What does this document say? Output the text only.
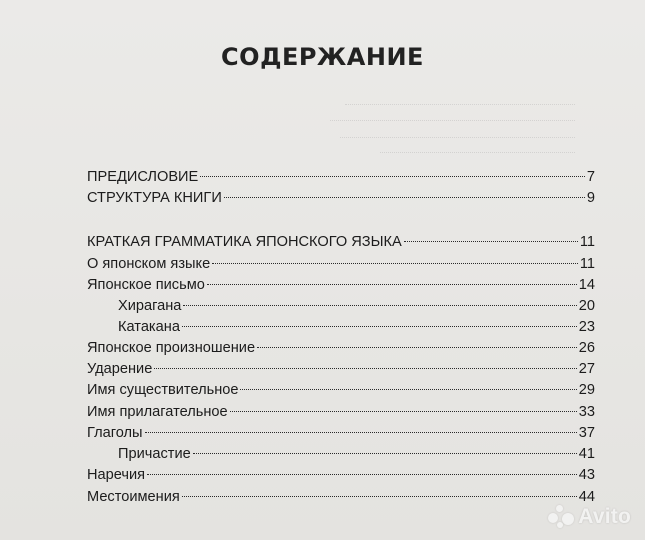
СОДЕРЖАНИЕ
ПРЕДИСЛОВИЕ	7
СТРУКТУРА КНИГИ	9
КРАТКАЯ ГРАММАТИКА ЯПОНСКОГО ЯЗЫКА	11
О японском языке	11
Японское письмо	14
Хирагана	20
Катакана	23
Японское произношение	26
Ударение	27
Имя существительное	29
Имя прилагательное	33
Глаголы	37
Причастие	41
Наречия	43
Местоимения	44
Avito
